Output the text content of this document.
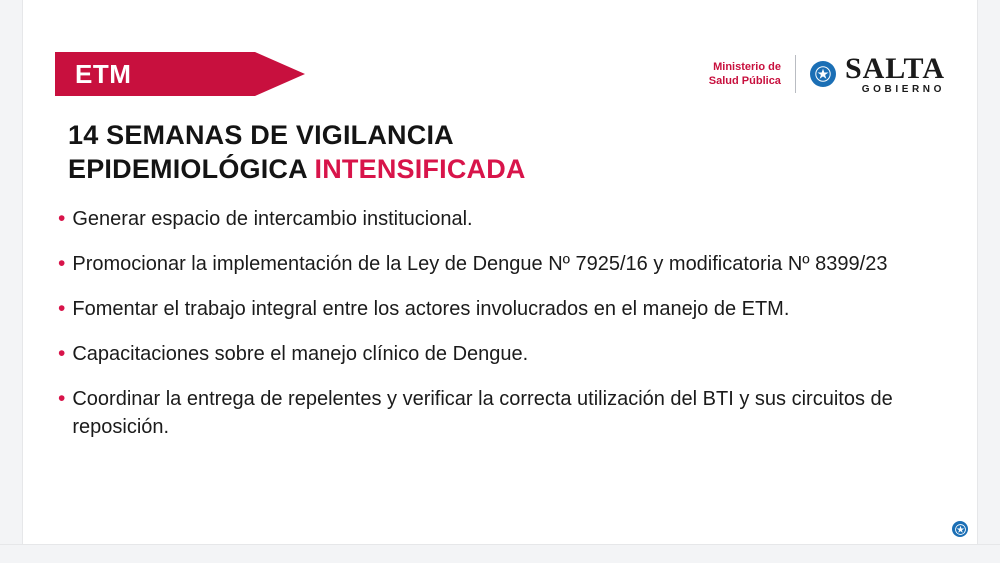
ETM	Ministerio de
Salud Pública SALTA
GOBIERNO
14 SEMANAS DE VIGILANCIA
EPIDEMIOLÓGICA INTENSIFICADA
• Generar espacio de intercambio institucional.
• Promocionar la implementación de la Ley de Dengue Nº 7925/16 y modificatoria Nº 8399/23
• Fomentar el trabajo integral entre los actores involucrados en el manejo de ETM.
• Capacitaciones sobre el manejo clínico de Dengue.
• Coordinar la entrega de repelentes y verificar la correcta utilización del BTI y sus circuitos de reposición.
